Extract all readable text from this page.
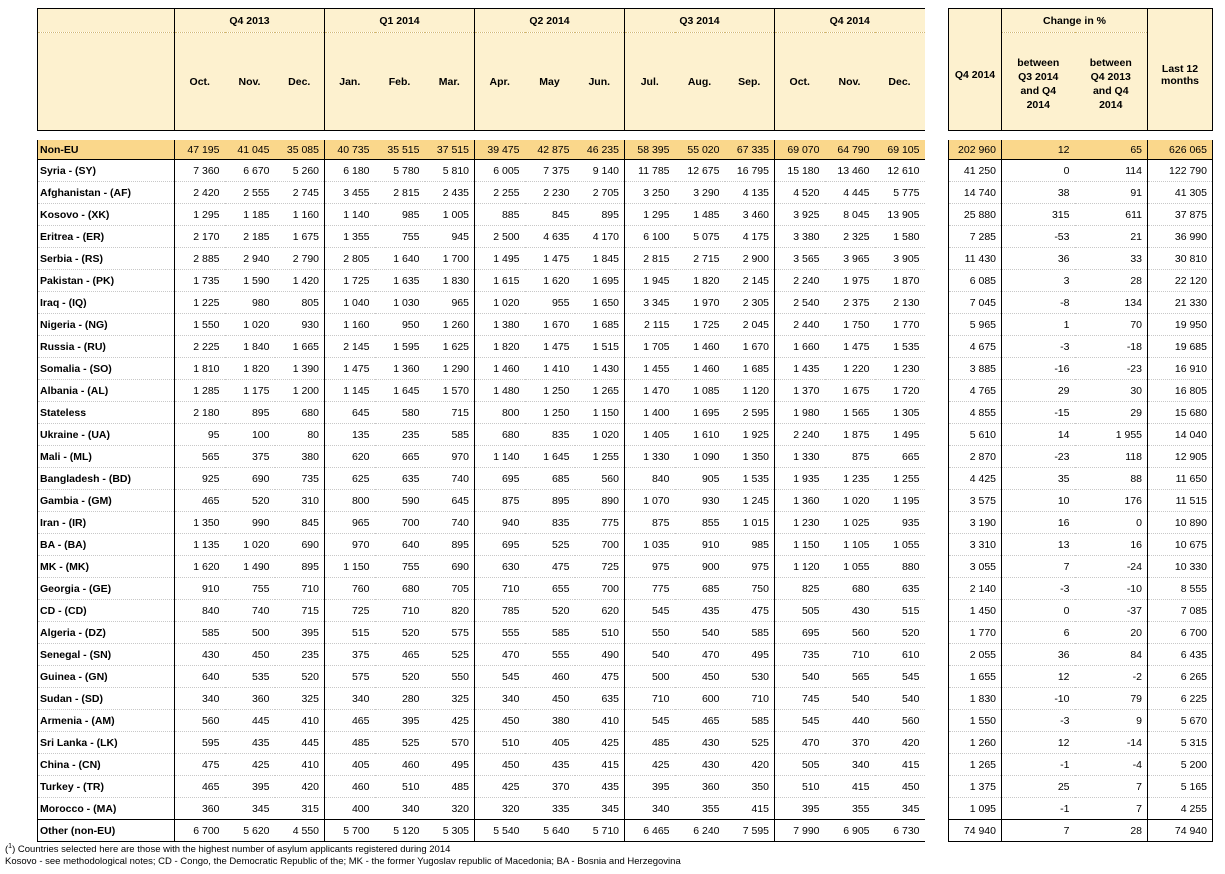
	Q4 2013			Q1 2014			Q2 2014			Q3 2014			Q4 2014				Q4 2014	Change in %		Last 12 months
	Oct.	Nov.	Dec.	Jan.	Feb.	Mar.	Apr.	May	Jun.	Jul.	Aug.	Sep.	Oct.	Nov.	Dec.			between Q3 2014 and Q4 2014	between Q4 2013 and Q4 2014	

Non-EU	47 195	41 045	35 085	40 735	35 515	37 515	39 475	42 875	46 235	58 395	55 020	67 335	69 070	64 790	69 105		202 960	12	65	626 065
Syria - (SY)	7 360	6 670	5 260	6 180	5 780	5 810	6 005	7 375	9 140	11 785	12 675	16 795	15 180	13 460	12 610		41 250	0	114	122 790
Afghanistan - (AF)	2 420	2 555	2 745	3 455	2 815	2 435	2 255	2 230	2 705	3 250	3 290	4 135	4 520	4 445	5 775		14 740	38	91	41 305
Kosovo - (XK)	1 295	1 185	1 160	1 140	985	1 005	885	845	895	1 295	1 485	3 460	3 925	8 045	13 905		25 880	315	611	37 875
Eritrea - (ER)	2 170	2 185	1 675	1 355	755	945	2 500	4 635	4 170	6 100	5 075	4 175	3 380	2 325	1 580		7 285	-53	21	36 990
Serbia - (RS)	2 885	2 940	2 790	2 805	1 640	1 700	1 495	1 475	1 845	2 815	2 715	2 900	3 565	3 965	3 905		11 430	36	33	30 810
Pakistan - (PK)	1 735	1 590	1 420	1 725	1 635	1 830	1 615	1 620	1 695	1 945	1 820	2 145	2 240	1 975	1 870		6 085	3	28	22 120
Iraq - (IQ)	1 225	980	805	1 040	1 030	965	1 020	955	1 650	3 345	1 970	2 305	2 540	2 375	2 130		7 045	-8	134	21 330
Nigeria - (NG)	1 550	1 020	930	1 160	950	1 260	1 380	1 670	1 685	2 115	1 725	2 045	2 440	1 750	1 770		5 965	1	70	19 950
Russia - (RU)	2 225	1 840	1 665	2 145	1 595	1 625	1 820	1 475	1 515	1 705	1 460	1 670	1 660	1 475	1 535		4 675	-3	-18	19 685
Somalia - (SO)	1 810	1 820	1 390	1 475	1 360	1 290	1 460	1 410	1 430	1 455	1 460	1 685	1 435	1 220	1 230		3 885	-16	-23	16 910
Albania - (AL)	1 285	1 175	1 200	1 145	1 645	1 570	1 480	1 250	1 265	1 470	1 085	1 120	1 370	1 675	1 720		4 765	29	30	16 805
Stateless	2 180	895	680	645	580	715	800	1 250	1 150	1 400	1 695	2 595	1 980	1 565	1 305		4 855	-15	29	15 680
Ukraine - (UA)	95	100	80	135	235	585	680	835	1 020	1 405	1 610	1 925	2 240	1 875	1 495		5 610	14	1 955	14 040
Mali - (ML)	565	375	380	620	665	970	1 140	1 645	1 255	1 330	1 090	1 350	1 330	875	665		2 870	-23	118	12 905
Bangladesh - (BD)	925	690	735	625	635	740	695	685	560	840	905	1 535	1 935	1 235	1 255		4 425	35	88	11 650
Gambia - (GM)	465	520	310	800	590	645	875	895	890	1 070	930	1 245	1 360	1 020	1 195		3 575	10	176	11 515
Iran - (IR)	1 350	990	845	965	700	740	940	835	775	875	855	1 015	1 230	1 025	935		3 190	16	0	10 890
BA - (BA)	1 135	1 020	690	970	640	895	695	525	700	1 035	910	985	1 150	1 105	1 055		3 310	13	16	10 675
MK - (MK)	1 620	1 490	895	1 150	755	690	630	475	725	975	900	975	1 120	1 055	880		3 055	7	-24	10 330
Georgia - (GE)	910	755	710	760	680	705	710	655	700	775	685	750	825	680	635		2 140	-3	-10	8 555
CD - (CD)	840	740	715	725	710	820	785	520	620	545	435	475	505	430	515		1 450	0	-37	7 085
Algeria - (DZ)	585	500	395	515	520	575	555	585	510	550	540	585	695	560	520		1 770	6	20	6 700
Senegal - (SN)	430	450	235	375	465	525	470	555	490	540	470	495	735	710	610		2 055	36	84	6 435
Guinea - (GN)	640	535	520	575	520	550	545	460	475	500	450	530	540	565	545		1 655	12	-2	6 265
Sudan - (SD)	340	360	325	340	280	325	340	450	635	710	600	710	745	540	540		1 830	-10	79	6 225
Armenia - (AM)	560	445	410	465	395	425	450	380	410	545	465	585	545	440	560		1 550	-3	9	5 670
Sri Lanka - (LK)	595	435	445	485	525	570	510	405	425	485	430	525	470	370	420		1 260	12	-14	5 315
China - (CN)	475	425	410	405	460	495	450	435	415	425	430	420	505	340	415		1 265	-1	-4	5 200
Turkey - (TR)	465	395	420	460	510	485	425	370	435	395	360	350	510	415	450		1 375	25	7	5 165
Morocco - (MA)	360	345	315	400	340	320	320	335	345	340	355	415	395	355	345		1 095	-1	7	4 255
Other (non-EU)	6 700	5 620	4 550	5 700	5 120	5 305	5 540	5 640	5 710	6 465	6 240	7 595	7 990	6 905	6 730		74 940	7	28	74 940
($^1$) Countries selected here are those with the highest number of asylum applicants registered during 2014
Kosovo - see methodological notes; CD - Congo, the Democratic Republic of the; MK - the former Yugoslav republic of Macedonia; BA - Bosnia and Herzegovina
